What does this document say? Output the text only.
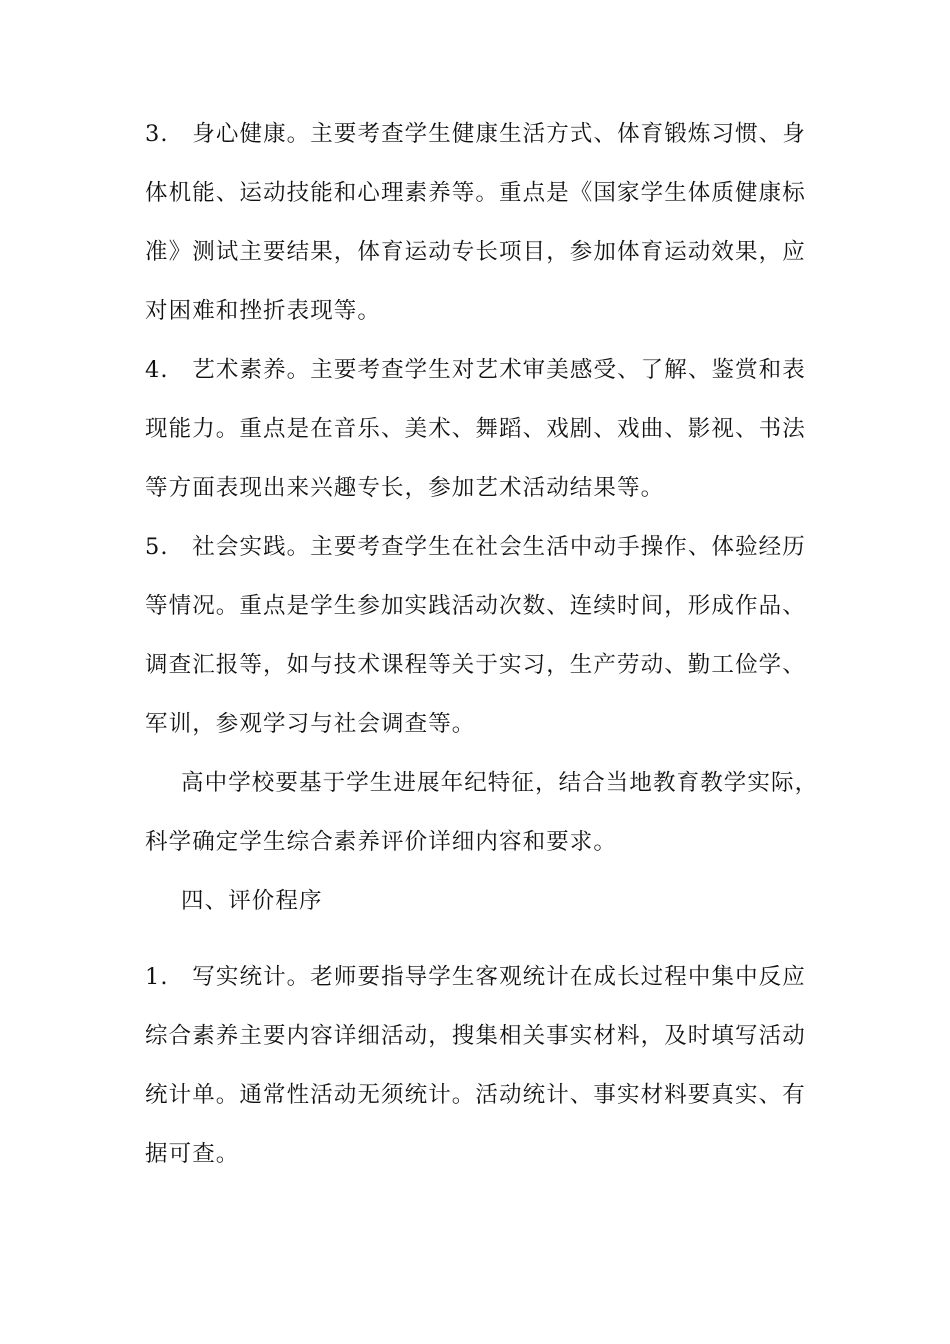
3.　身心健康。主要考查学生健康生活方式、体育锻炼习惯、身
体机能、运动技能和心理素养等。重点是《国家学生体质健康标
准》测试主要结果，体育运动专长项目，参加体育运动效果，应
对困难和挫折表现等。
4.　艺术素养。主要考查学生对艺术审美感受、了解、鉴赏和表
现能力。重点是在音乐、美术、舞蹈、戏剧、戏曲、影视、书法
等方面表现出来兴趣专长，参加艺术活动结果等。
5.　社会实践。主要考查学生在社会生活中动手操作、体验经历
等情况。重点是学生参加实践活动次数、连续时间，形成作品、
调查汇报等，如与技术课程等关于实习，生产劳动、勤工俭学、
军训，参观学习与社会调查等。
高中学校要基于学生进展年纪特征，结合当地教育教学实际，
科学确定学生综合素养评价详细内容和要求。
四、评价程序
1.　写实统计。老师要指导学生客观统计在成长过程中集中反应
综合素养主要内容详细活动，搜集相关事实材料，及时填写活动
统计单。通常性活动无须统计。活动统计、事实材料要真实、有
据可查。
